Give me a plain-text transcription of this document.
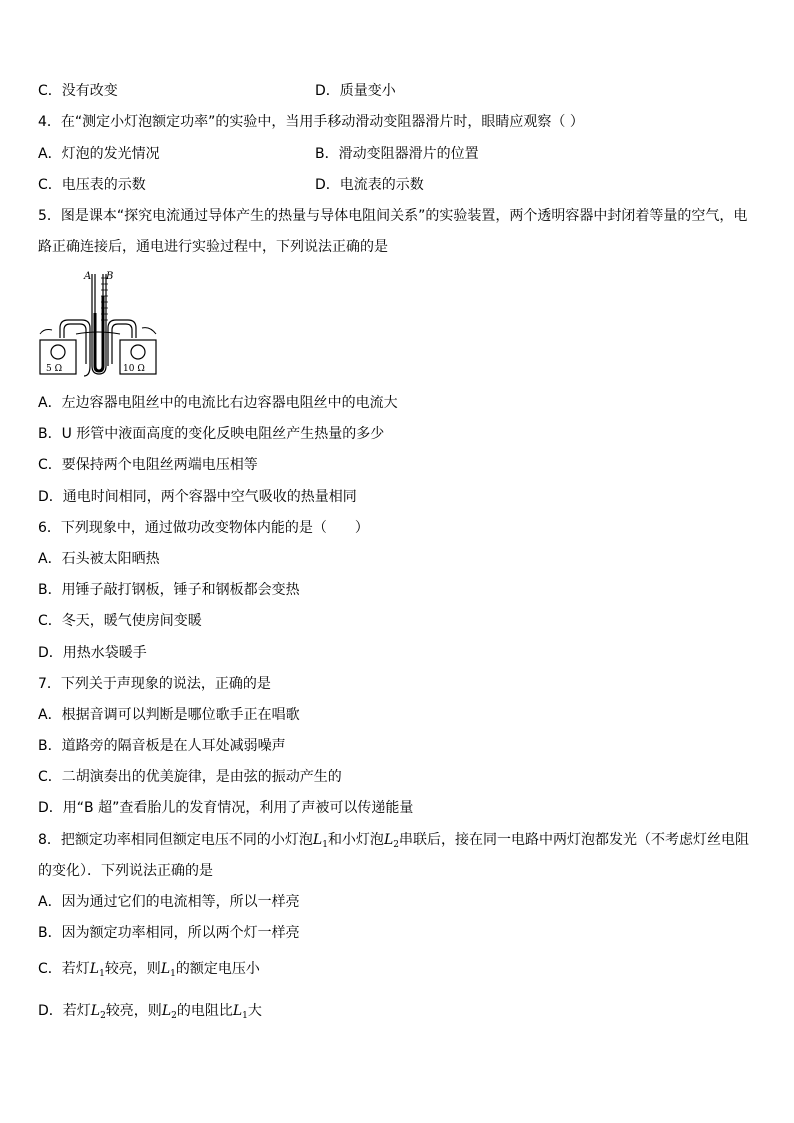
C．没有改变	D．质量变小
4．在“测定小灯泡额定功率”的实验中，当用手移动滑动变阻器滑片时，眼睛应观察（ ）
A．灯泡的发光情况	B．滑动变阻器滑片的位置
C．电压表的示数	D．电流表的示数
5．图是课本“探究电流通过导体产生的热量与导体电阻间关系”的实验装置，两个透明容器中封闭着等量的空气，电
路正确连接后，通电进行实验过程中，下列说法正确的是
A B
5 Ω	10 Ω
A．左边容器电阻丝中的电流比右边容器电阻丝中的电流大
B．U 形管中液面高度的变化反映电阻丝产生热量的多少
C．要保持两个电阻丝两端电压相等
D．通电时间相同，两个容器中空气吸收的热量相同
6．下列现象中，通过做功改变物体内能的是（　　）
A．石头被太阳晒热
B．用锤子敲打钢板，锤子和钢板都会变热
C．冬天，暖气使房间变暖
D．用热水袋暖手
7．下列关于声现象的说法，正确的是
A．根据音调可以判断是哪位歌手正在唱歌
B．道路旁的隔音板是在人耳处减弱噪声
C．二胡演奏出的优美旋律，是由弦的振动产生的
D．用“B 超”查看胎儿的发育情况，利用了声被可以传递能量
8．把额定功率相同但额定电压不同的小灯泡$L_1$和小灯泡$L_2$串联后，接在同一电路中两灯泡都发光（不考虑灯丝电阻
的变化）．下列说法正确的是
A．因为通过它们的电流相等，所以一样亮
B．因为额定功率相同，所以两个灯一样亮
C．若灯$L_1$较亮，则$L_1$的额定电压小
D．若灯$L_2$较亮，则$L_2$的电阻比$L_1$大
